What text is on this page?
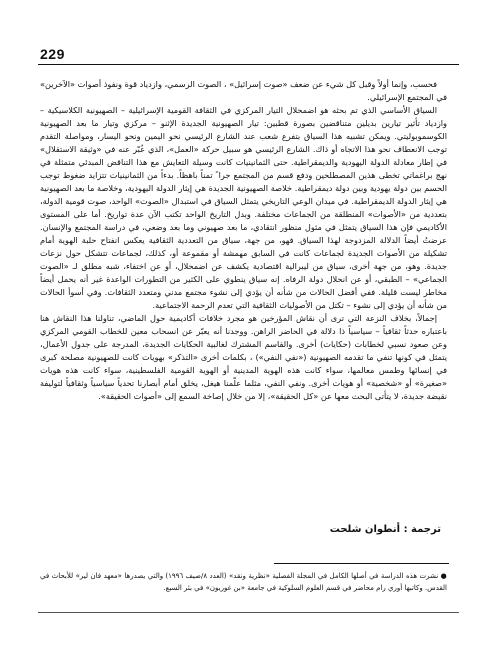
229

فحسب، وإنما أولاً وقبل كل شيء عن ضعف «صوت إسرائيل» ، الصوت الرسمي، وازدياد قوة ونفوذ أصوات «الآخرين» في المجتمع الإسرائيلي.

السياق الأساسي الذي تم بحثه هو اضمحلال التيار المركزي في الثقافة القومية الإسرائيلية – الصهيونية الكلاسيكية – وازدياد تأثير تيارين بديلين متناقضين بصورة قطبين: تيار الصهيونية الجديدة الإثنو – مركزي وتيار ما بعد الصهيونية الكوسموبوليتي. ويمكن تشبيه هذا السياق بتفرع شعب عند الشارع الرئيسي نحو اليمين ونحو اليسار، ومواصلة التقدم توجب الانعطاف نحو هذا الاتجاه أو ذاك. الشارع الرئيسي هو سبيل حركة «العمل»، الذي عُبّر عنه في «وثيقة الاستقلال» في إطار معادلة الدولة اليهودية والديمقراطية. حتى الثمانينيات كانت وسيلة التعايش مع هذا التناقض المبدئي متمثلة في نهج براغماتي تخطى هذين المصطلحين ودفع قسم من المجتمع جرا ً تمناً باهظاً. بدءاً من الثمانينيات تتزايد ضغوط توجب الحسم بين دولة يهودية وبين دولة ديمقراطية. خلاصة الصهيونية الجديدة هي إيثار الدولة اليهودية، وخلاصة ما بعد الصهيونية هي إيثار الدولة الديمقراطية. في ميدان الوعي التاريخي يتمثل السياق في استبدال «الصوت» الواحد، صوت قومية الدولة، بتعددية من «الأصوات» المنطلقة من الجماعات مختلفة. وبدل التاريخ الواحد تكتب الآن عدة تواريخ. أما على المستوى الأكاديمي فإن هذا السياق يتمثل في مثول منظور انتقادي، ما بعد صهيوني وما بعد وضعي، في دراسة المجتمع والإنسان. عرضتُ أيضاً الدلالة المزدوجة لهذا السياق. فهو، من جهة، سياق من التعددية الثقافية يعكس انفتاح حلبة الهوية أمام تشكيلة من الأصوات الجديدة لجماعات كانت في السابق مهمشة أو مقموعة أو، كذلك، لجماعات تتشكل حول نزعات جديدة. وهو، من جهة أخرى، سياق من ليبرالية اقتصادية يكشف عن اضمحلال، أو عن اختفاء، شبه مطلق لـ «الصوت الجماعي» – الطبقي، أو عن انحلال دولة الرفاه. إنه سياق ينطوي على الكثير من التطورات الواعدة غير أنه يحمل أيضاً مخاطر ليست قليلة. ففي أفضل الحالات من شأنه أن يؤدي إلى نشوء مجتمع مدني ومتعدد الثقافات. وفي أسوأ الحالات من شأنه أن يؤدي إلى نشوء – تكتل من الأصوليات الثقافية التي تعدم الرحمة الاجتماعية.

إجمالاً، بخلاف النزعة التي ترى أن نقاش المؤرخين هو مجرد خلافات أكاديمية حول الماضي، تناولنا هذا النقاش هنا باعتباره حدثاً ثقافياً – سياسياً ذا دلالة في الحاضر الراهن. ووجدنا أنه يعبّر عن انسحاب معين للخطاب القومي المركزي وعن صعود نسبي لخطابات (حكايات) أخرى. والقاسم المشترك لغالبية الحكايات الجديدة، المدرجة على جدول الأعمال، يتمثل في كونها تنفي ما تقدمه الصهيونية («نفي النفي») ، بكلمات أخرى «التذكر» بهويات كانت للصهيونية مصلحة كبرى في إنسائها وطمس معالمها، سواء كانت هذه الهوية المدينية أو الهوية القومية الفلسطينية، سواء كانت هذه هويات «صغيرة» أو «شخصية» أو هويات أخرى. ونفي النفي، مثلما علّمنا هيغل، يخلق أمام أبصارنا تحدياً سياسياً وثقافياً لتوليفة نقيضة جديدة، لا يتأتى البحث معها عن «كل الحقيقة»، إلا من خلال إصاخة السمع إلى «أصوات الحقيقة».

ترجمة : أنطوان شلحت
● نشرت هذه الدراسة في أصلها الكامل في المجلة الفصلية «نظرية ونقد» (العدد ٨/صيف ١٩٩٦) والتي يصدرها «معهد فان لير» للأبحاث في القدس. وكاتبها أوري رام محاضر في قسم العلوم السلوكية في جامعة «بن غوريون» في بئر السبع.
